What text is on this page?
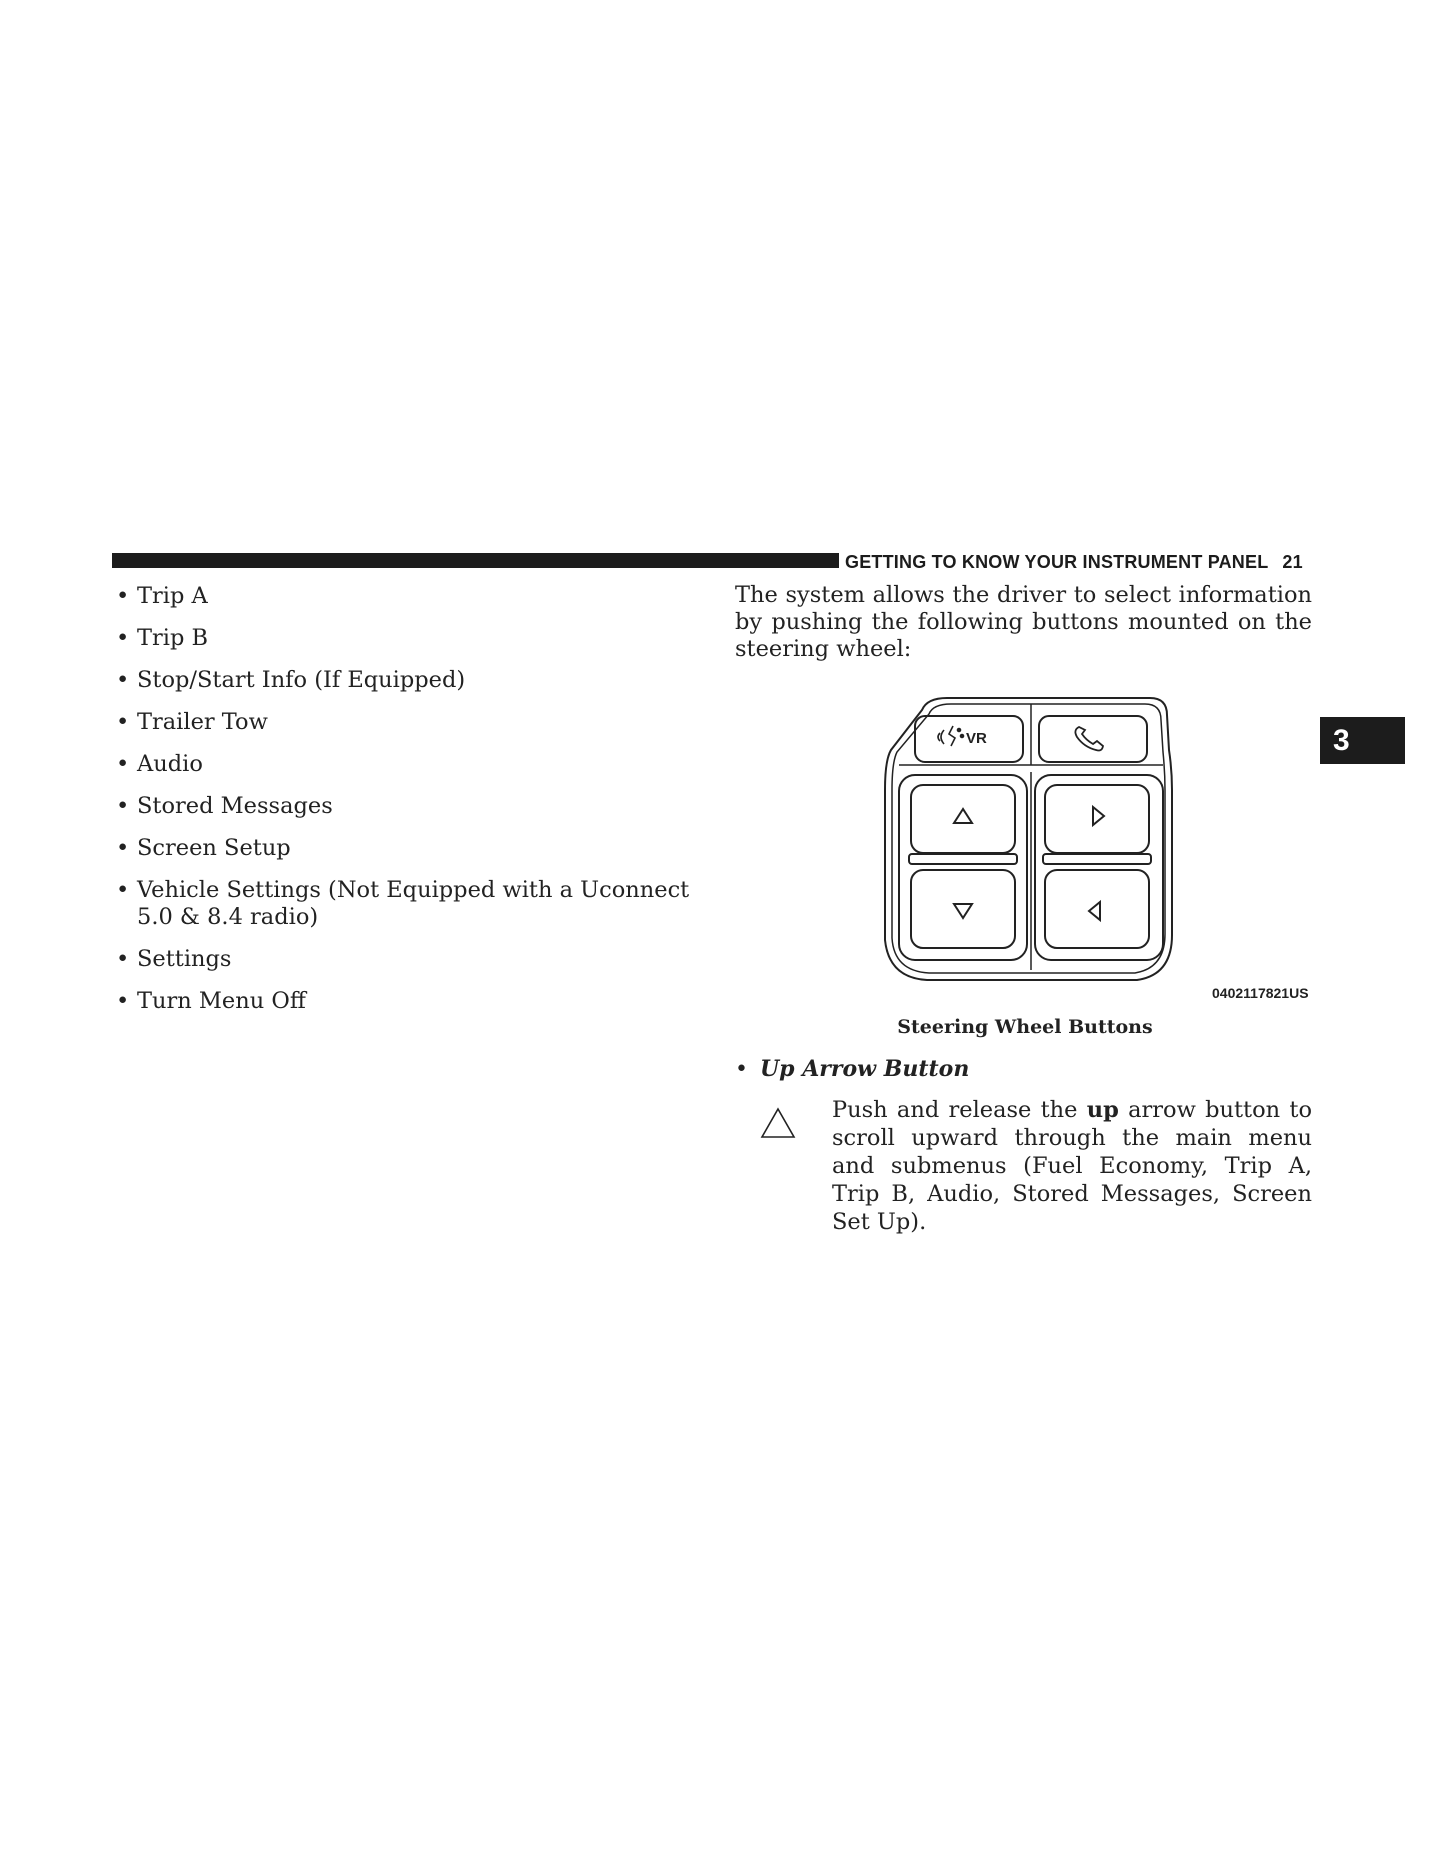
GETTING TO KNOW YOUR INSTRUMENT PANEL 21
3
• Trip A
• Trip B
• Stop/Start Info (If Equipped)
• Trailer Tow
• Audio
• Stored Messages
• Screen Setup
• Vehicle Settings (Not Equipped with a Uconnect 5.0 & 8.4 radio)
• Settings
• Turn Menu Off

The system allows the driver to select information by pushing the following buttons mounted on the steering wheel:

VR
0402117821US
Steering Wheel Buttons
• Up Arrow Button

Push and release the up arrow button to scroll upward through the main menu and submenus (Fuel Economy, Trip A, Trip B, Audio, Stored Messages, Screen Set Up).
